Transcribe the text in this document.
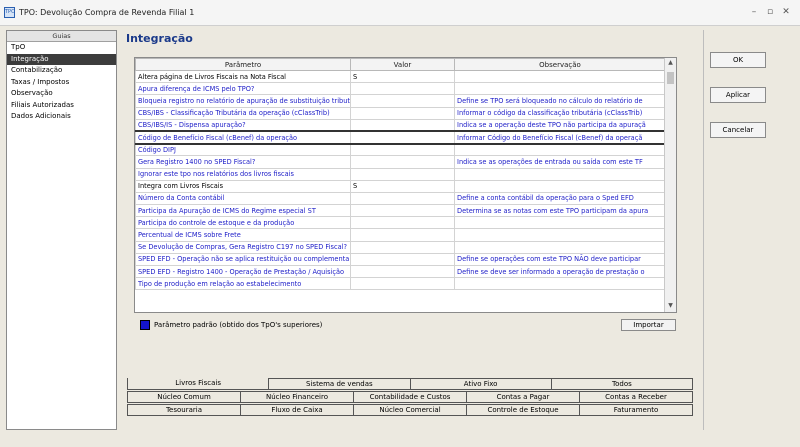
TPO TPO: Devolução Compra de Revenda Filial 1	–	▫	✕
Guias
TpO
Integração
Contabilização
Taxas / Impostos
Observação
Filiais Autorizadas
Dados Adicionais
Integração
Parâmetro	Valor	Observação
Altera página de Livros Fiscais na Nota Fiscal	S	
Apura diferença de ICMS pelo TPO?		
Bloqueia registro no relatório de apuração de substituição tribut		Define se TPO será bloqueado no cálculo do relatório de
CBS/IBS - Classificação Tributária da operação (cClassTrib)		Informar o código da classificação tributária (cClassTrib)
CBS/IBS/IS - Dispensa apuração?		Indica se a operação deste TPO não participa da apuraçã
Código de Benefício Fiscal (cBenef) da operação		Informar Código do Benefício Fiscal (cBenef) da operaçã
Código DIPJ		
Gera Registro 1400 no SPED Fiscal?		Indica se as operações de entrada ou saída com este TF
Ignorar este tpo nos relatórios dos livros fiscais		
Integra com Livros Fiscais	S	
Número da Conta contábil		Define a conta contábil da operação para o Sped EFD
Participa da Apuração de ICMS do Regime especial ST		Determina se as notas com este TPO participam da apura
Participa do controle de estoque e da produção		
Percentual de ICMS sobre Frete		
Se Devolução de Compras, Gera Registro C197 no SPED Fiscal?		
SPED EFD - Operação não se aplica restituição ou complementa		Define se operações com este TPO NÃO deve participar
SPED EFD - Registro 1400 - Operação de Prestação / Aquisição		Define se deve ser informado a operação de prestação o
Tipo de produção em relação ao estabelecimento		
▲
▼
Parâmetro padrão (obtido dos TpO's superiores)	Importar
Livros Fiscais	Sistema de vendas	Ativo Fixo	Todos
Núcleo Comum	Núcleo Financeiro	Contabilidade e Custos	Contas a Pagar	Contas a Receber
Tesouraria	Fluxo de Caixa	Núcleo Comercial	Controle de Estoque	Faturamento
OK
Aplicar
Cancelar
